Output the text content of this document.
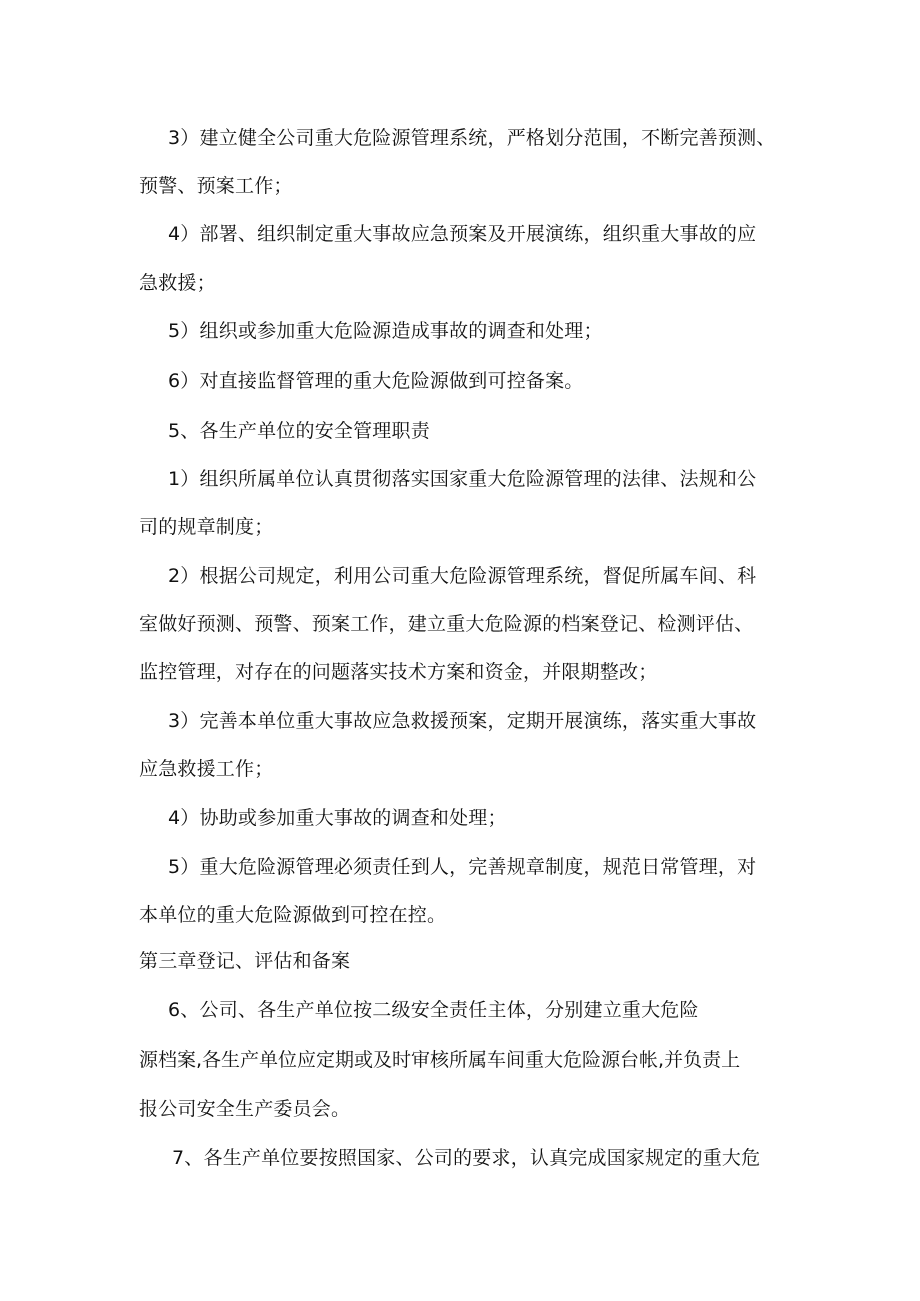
3）建立健全公司重大危险源管理系统，严格划分范围，不断完善预测、
预警、预案工作；
4）部署、组织制定重大事故应急预案及开展演练，组织重大事故的应
急救援；
5）组织或参加重大危险源造成事故的调查和处理；
6）对直接监督管理的重大危险源做到可控备案。
5、各生产单位的安全管理职责
1）组织所属单位认真贯彻落实国家重大危险源管理的法律、法规和公
司的规章制度；
2）根据公司规定，利用公司重大危险源管理系统，督促所属车间、科
室做好预测、预警、预案工作，建立重大危险源的档案登记、检测评估、
监控管理，对存在的问题落实技术方案和资金，并限期整改；
3）完善本单位重大事故应急救援预案，定期开展演练，落实重大事故
应急救援工作；
4）协助或参加重大事故的调查和处理；
5）重大危险源管理必须责任到人，完善规章制度，规范日常管理，对
本单位的重大危险源做到可控在控。
第三章登记、评估和备案
6、公司、各生产单位按二级安全责任主体，分别建立重大危险
源档案,各生产单位应定期或及时审核所属车间重大危险源台帐,并负责上
报公司安全生产委员会。
7、各生产单位要按照国家、公司的要求，认真完成国家规定的重大危
